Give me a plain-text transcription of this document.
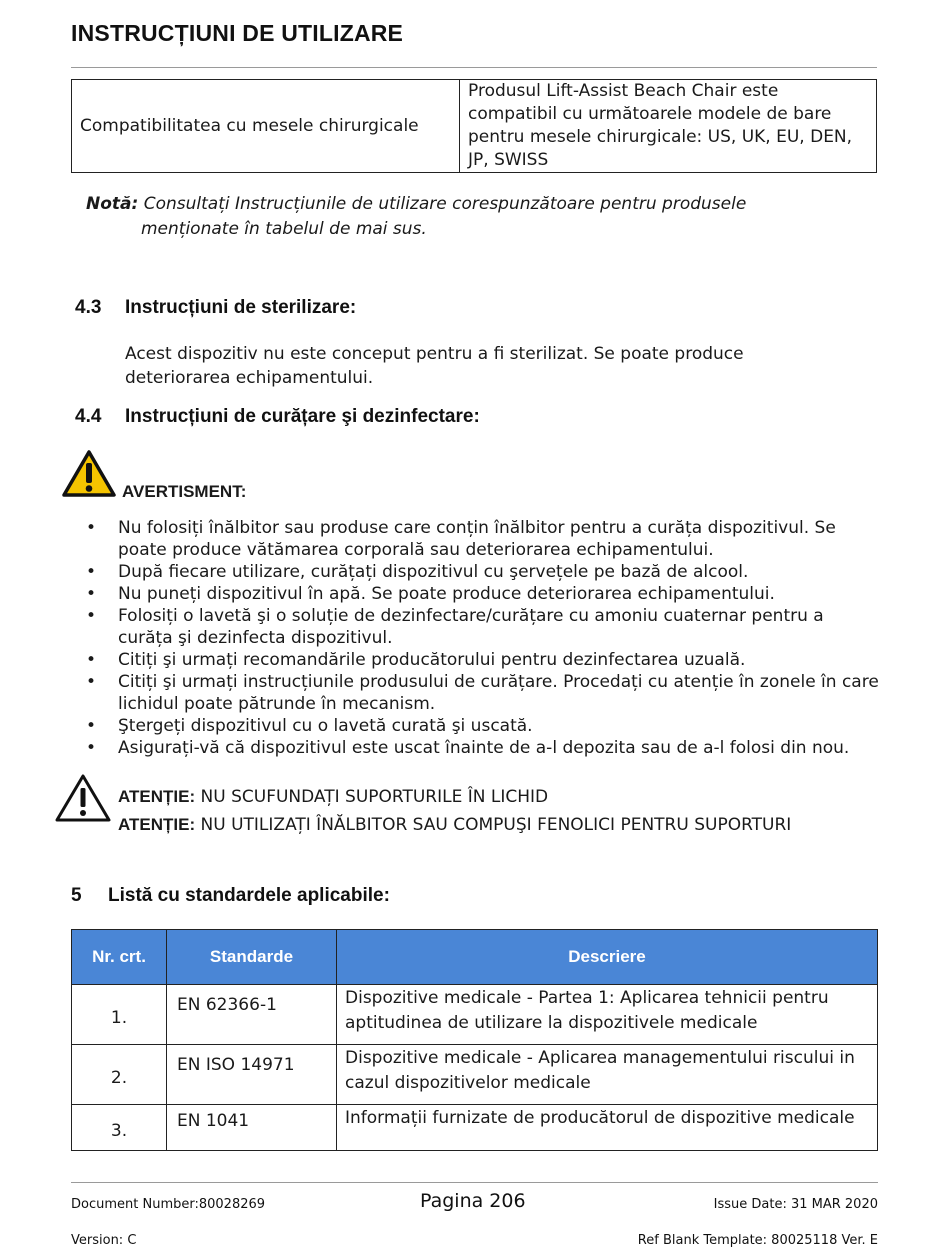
INSTRUCȚIUNI DE UTILIZARE
Compatibilitatea cu mesele chirurgicale	Produsul Lift-Assist Beach Chair este compatibil cu următoarele modele de bare pentru mesele chirurgicale: US, UK, EU, DEN, JP, SWISS
Notă: Consultați Instrucțiunile de utilizare corespunzătoare pentru produsele
menționate în tabelul de mai sus.
4.3 Instrucțiuni de sterilizare:
Acest dispozitiv nu este conceput pentru a fi sterilizat. Se poate produce deteriorarea echipamentului.
4.4 Instrucțiuni de curățare şi dezinfectare:
AVERTISMENT:
• Nu folosiți înălbitor sau produse care conțin înălbitor pentru a curăța dispozitivul. Se poate produce vătămarea corporală sau deteriorarea echipamentului.
• După fiecare utilizare, curățați dispozitivul cu şervețele pe bază de alcool.
• Nu puneți dispozitivul în apă. Se poate produce deteriorarea echipamentului.
• Folosiți o lavetă şi o soluție de dezinfectare/curățare cu amoniu cuaternar pentru a curăța şi dezinfecta dispozitivul.
• Citiți şi urmați recomandările producătorului pentru dezinfectarea uzuală.
• Citiți şi urmați instrucțiunile produsului de curățare. Procedați cu atenție în zonele în care lichidul poate pătrunde în mecanism.
• Ştergeți dispozitivul cu o lavetă curată şi uscată.
• Asigurați-vă că dispozitivul este uscat înainte de a-l depozita sau de a-l folosi din nou.
ATENȚIE: NU SCUFUNDAȚI SUPORTURILE ÎN LICHID
ATENȚIE: NU UTILIZAȚI ÎNĂLBITOR SAU COMPUŞI FENOLICI PENTRU SUPORTURI
5 Listă cu standardele aplicabile:
Nr. crt.	Standarde	Descriere
1.	EN 62366-1	Dispozitive medicale - Partea 1: Aplicarea tehnicii pentru
aptitudinea de utilizare la dispozitivele medicale

2.	EN ISO 14971	Dispozitive medicale - Aplicarea managementului riscului in
cazul dispozitivelor medicale

3.	EN 1041	Informații furnizate de producătorul de dispozitive medicale
Document Number:80028269	Pagina 206	Issue Date: 31 MAR 2020
Version: C	Ref Blank Template: 80025118 Ver. E
